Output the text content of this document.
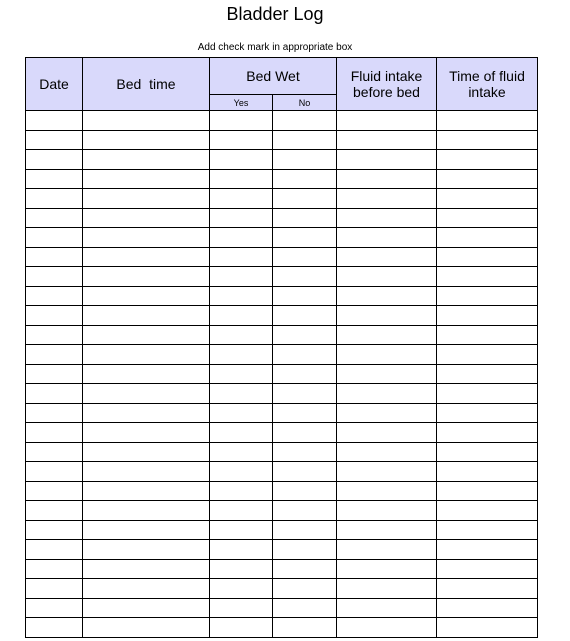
Bladder Log
Add check mark in appropriate box
Date	Bed  time	Bed Wet		Fluid intake before bed	Time of fluid intake
		Yes	No		
